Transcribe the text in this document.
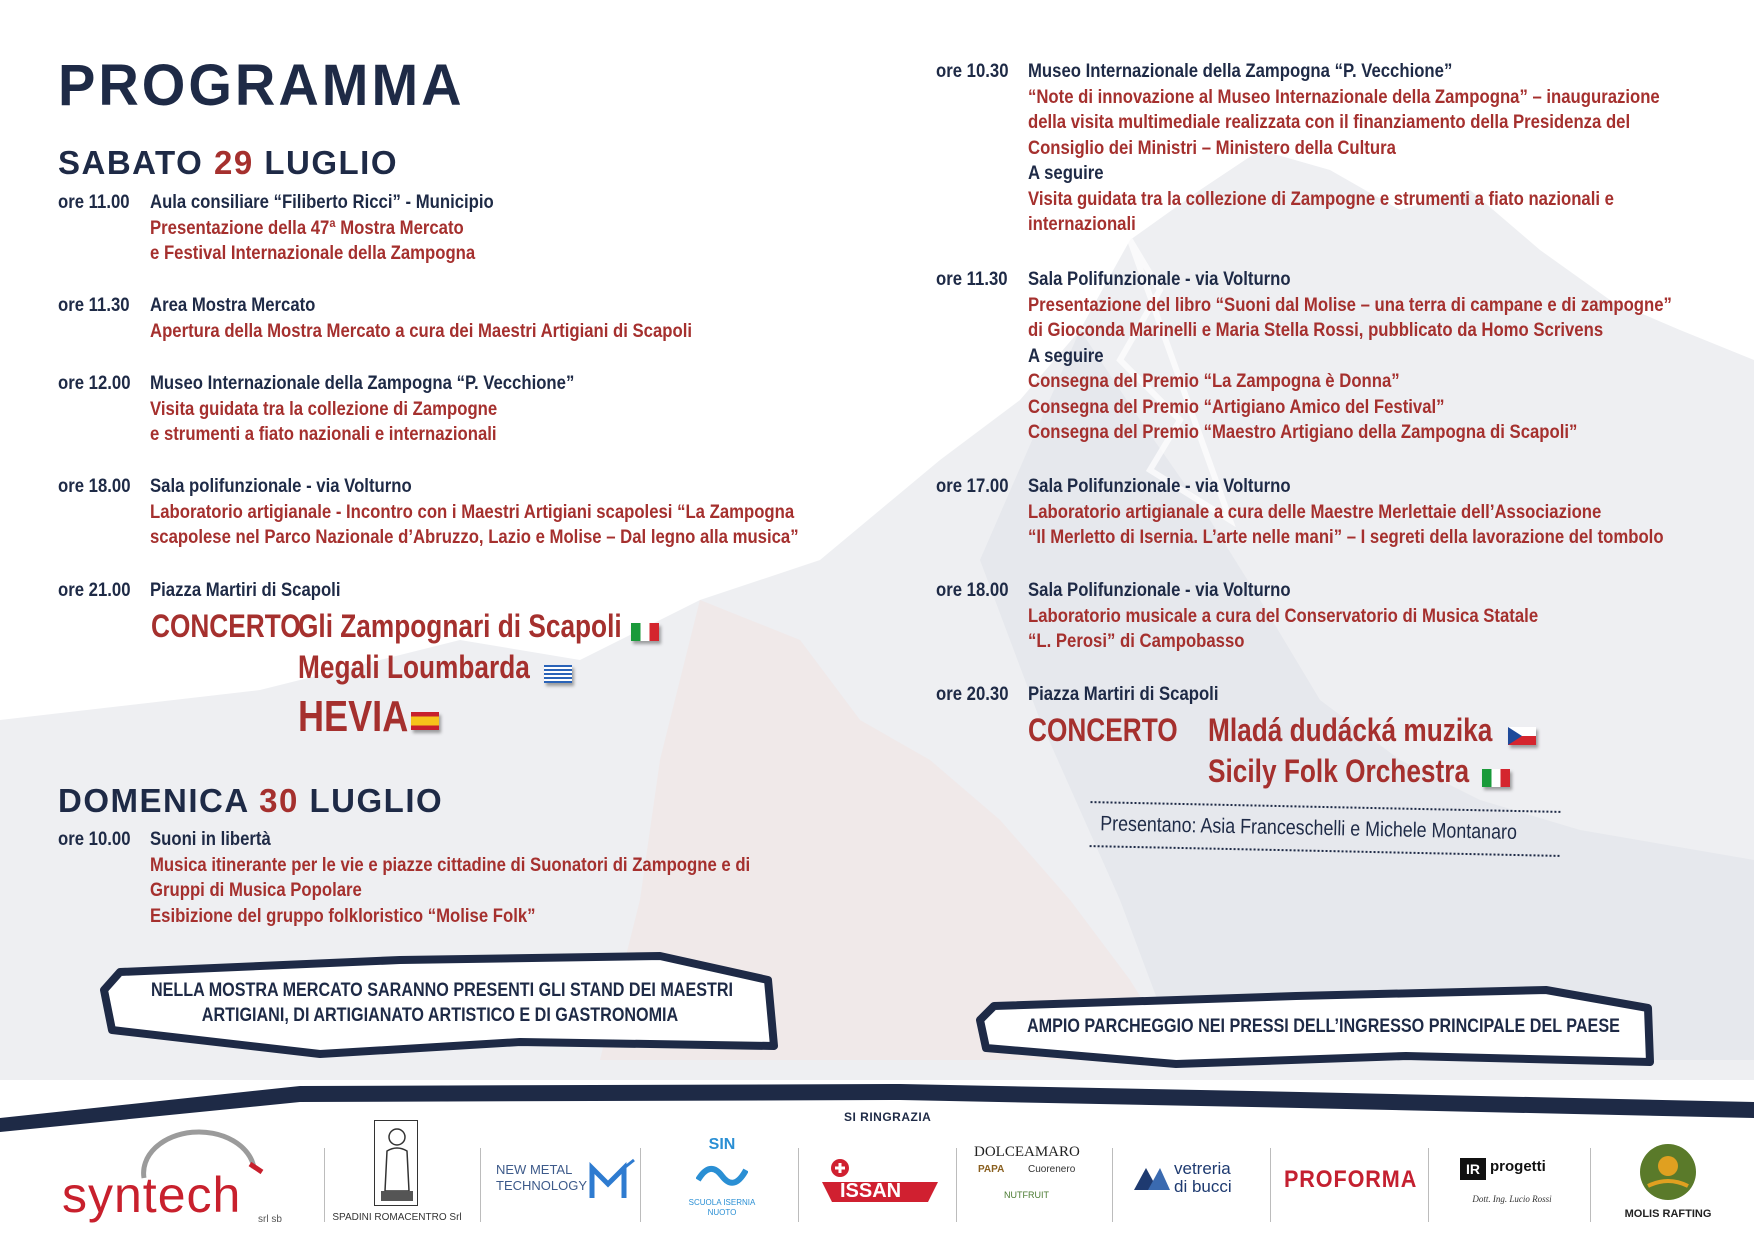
PROGRAMMA
SABATO 29 LUGLIO
ore 11.00 Aula consiliare “Filiberto Ricci” - Municipio
Presentazione della 47ª Mostra Mercato
e Festival Internazionale della Zampogna
ore 11.30 Area Mostra Mercato
Apertura della Mostra Mercato a cura dei Maestri Artigiani di Scapoli
ore 12.00 Museo Internazionale della Zampogna “P. Vecchione”
Visita guidata tra la collezione di Zampogne
e strumenti a fiato nazionali e internazionali
ore 18.00 Sala polifunzionale - via Volturno
Laboratorio artigianale - Incontro con i Maestri Artigiani scapolesi “La Zampogna
scapolese nel Parco Nazionale d’Abruzzo, Lazio e Molise – Dal legno alla musica”
ore 21.00 Piazza Martiri di Scapoli
CONCERTO
Gli Zampognari di Scapoli
Megali Loumbarda
HEVIA
DOMENICA 30 LUGLIO
ore 10.00 Suoni in libertà
Musica itinerante per le vie e piazze cittadine di Suonatori di Zampogne e di
Gruppi di Musica Popolare
Esibizione del gruppo folkloristico “Molise Folk”
ore 10.30 Museo Internazionale della Zampogna “P. Vecchione”
“Note di innovazione al Museo Internazionale della Zampogna” – inaugurazione
della visita multimediale realizzata con il finanziamento della Presidenza del
Consiglio dei Ministri – Ministero della Cultura
A seguire
Visita guidata tra la collezione di Zampogne e strumenti a fiato nazionali e
internazionali
ore 11.30 Sala Polifunzionale - via Volturno
Presentazione del libro “Suoni dal Molise – una terra di campane e di zampogne”
di Gioconda Marinelli e Maria Stella Rossi, pubblicato da Homo Scrivens
A seguire
Consegna del Premio “La Zampogna è Donna”
Consegna del Premio “Artigiano Amico del Festival”
Consegna del Premio “Maestro Artigiano della Zampogna di Scapoli”
ore 17.00 Sala Polifunzionale - via Volturno
Laboratorio artigianale a cura delle Maestre Merlettaie dell’Associazione
“Il Merletto di Isernia. L’arte nelle mani” – I segreti della lavorazione del tombolo
ore 18.00 Sala Polifunzionale - via Volturno
Laboratorio musicale a cura del Conservatorio di Musica Statale
“L. Perosi” di Campobasso
ore 20.30 Piazza Martiri di Scapoli
CONCERTO Mladá dudácká muzika
Sicily Folk Orchestra
Presentano: Asia Franceschelli e Michele Montanaro
NELLA MOSTRA MERCATO SARANNO PRESENTI GLI STAND DEI MAESTRI
ARTIGIANI, DI ARTIGIANATO ARTISTICO E DI GASTRONOMIA
AMPIO PARCHEGGIO NEI PRESSI DELL’INGRESSO PRINCIPALE DEL PAESE
SI RINGRAZIA
syntech srl sb	SPADINI ROMACENTRO Srl
NEW METAL
TECHNOLOGY
SIN
SCUOLA ISERNIA
NUOTO
ISSAN
DOLCEAMARO
PAPA Cuorenero
NUTFRUIT
vetreria
di bucci PROFORMA	IR progetti
Dott. Ing. Lucio Rossi
MOLIS RAFTING
